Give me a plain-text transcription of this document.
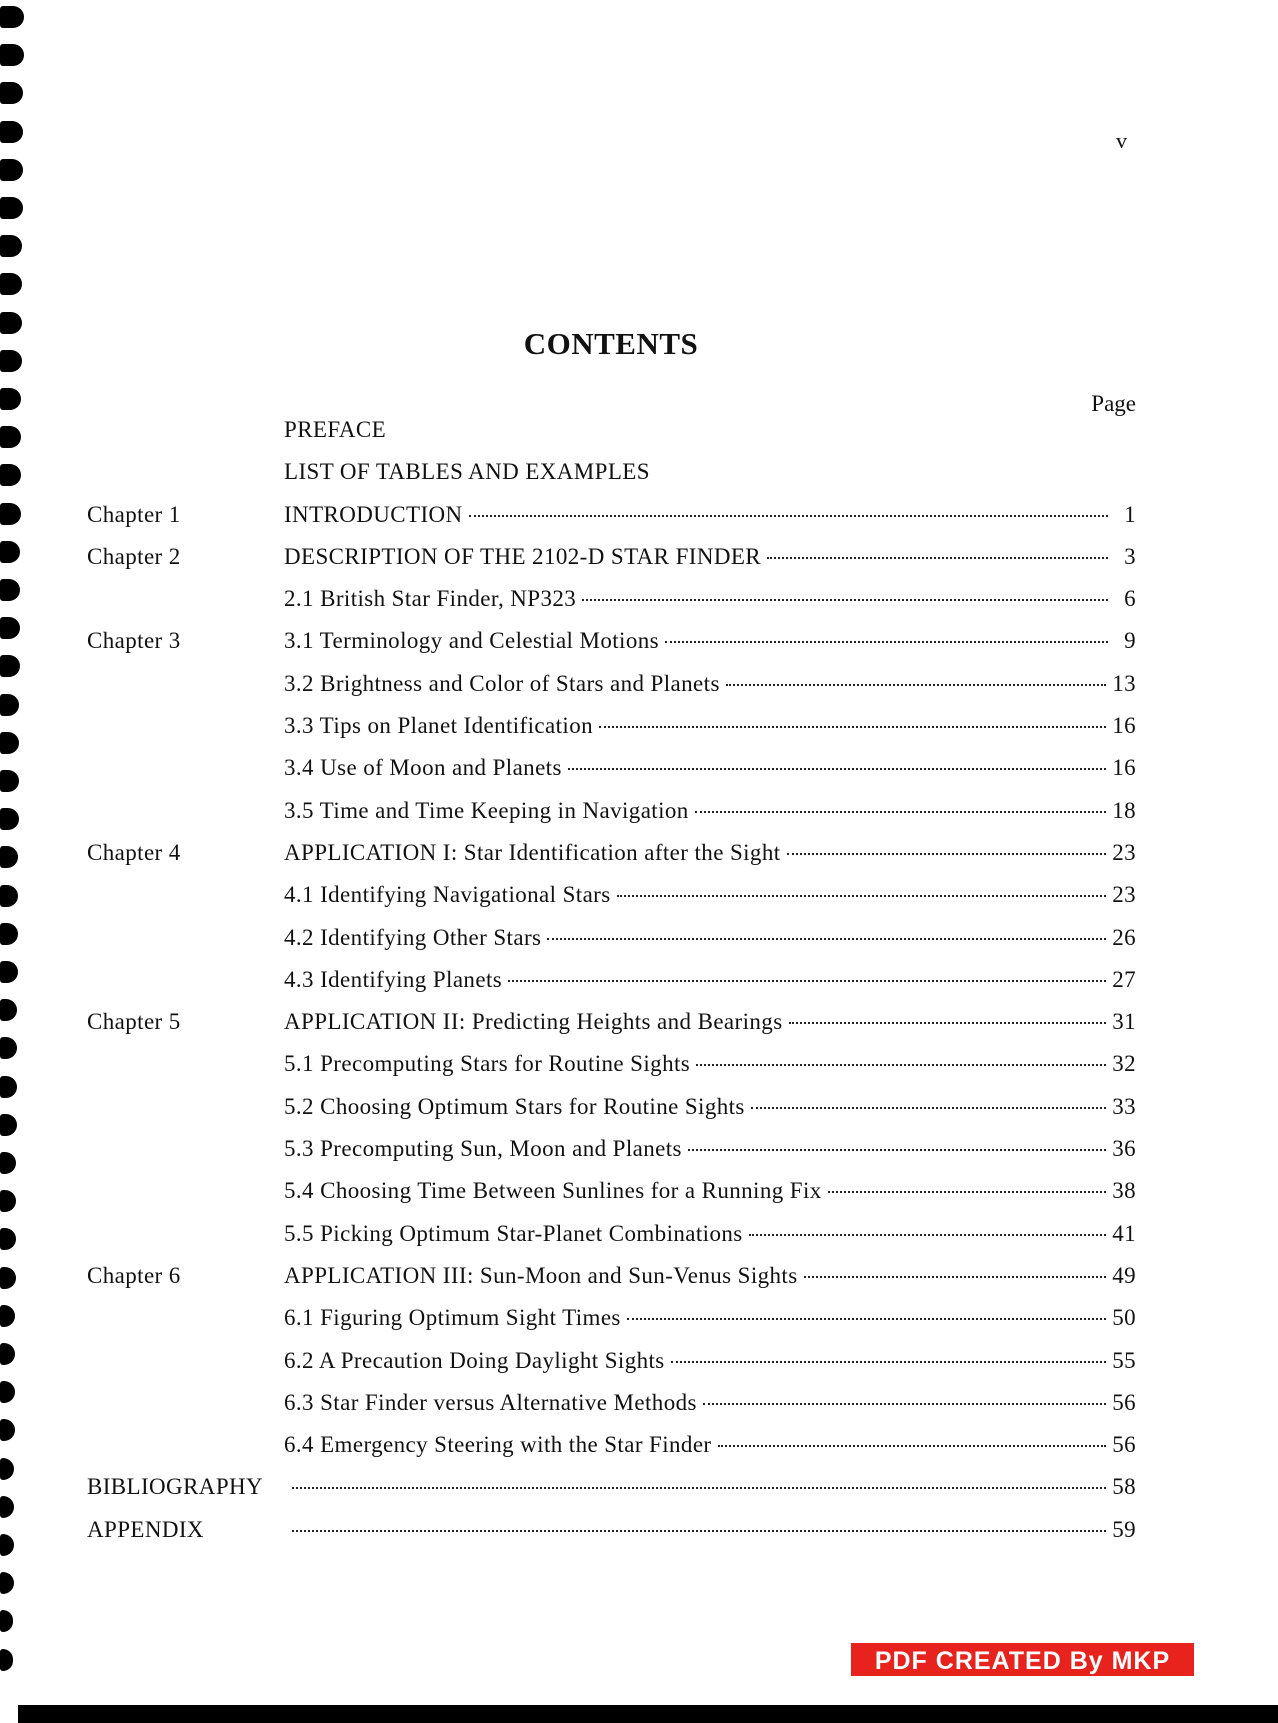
v
CONTENTS
Page
PREFACE
LIST OF TABLES AND EXAMPLES
Chapter 1	INTRODUCTION	1
Chapter 2	DESCRIPTION OF THE 2102-D STAR FINDER	3
2.1 British Star Finder, NP323	6
Chapter 3	3.1 Terminology and Celestial Motions	9
3.2 Brightness and Color of Stars and Planets	13
3.3 Tips on Planet Identification	16
3.4 Use of Moon and Planets	16
3.5 Time and Time Keeping in Navigation	18
Chapter 4	APPLICATION I: Star Identification after the Sight	23
4.1 Identifying Navigational Stars	23
4.2 Identifying Other Stars	26
4.3 Identifying Planets	27
Chapter 5	APPLICATION II: Predicting Heights and Bearings	31
5.1 Precomputing Stars for Routine Sights	32
5.2 Choosing Optimum Stars for Routine Sights	33
5.3 Precomputing Sun, Moon and Planets	36
5.4 Choosing Time Between Sunlines for a Running Fix	38
5.5 Picking Optimum Star-Planet Combinations	41
Chapter 6	APPLICATION III: Sun-Moon and Sun-Venus Sights	49
6.1 Figuring Optimum Sight Times	50
6.2 A Precaution Doing Daylight Sights	55
6.3 Star Finder versus Alternative Methods	56
6.4 Emergency Steering with the Star Finder	56
BIBLIOGRAPHY	58
APPENDIX	59
PDF CREATED By MKP
